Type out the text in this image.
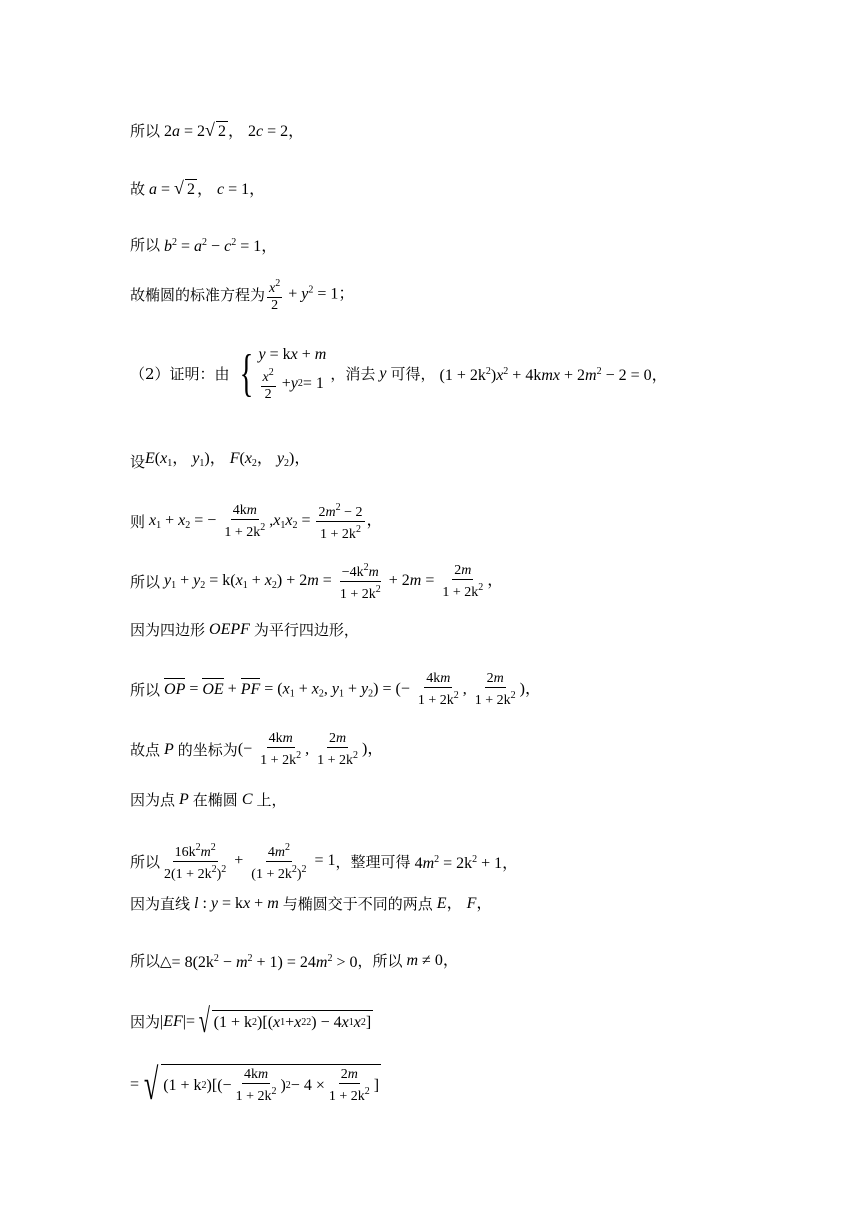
所以 2a = 2√ 2 ， 2c = 2，
故 a = √ 2 ， c = 1，
所以 $b^2 = a^2 - c^2 = 1$，
故椭圆的标准方程为 $\frac{x^2}{2} + y^2 = 1$；
（2）证明：由 { y = kx + m
$\frac{x^2}{2} + y$ 2 = 1
，消去 y 可得， $(1 + 2k^2)x^2 + 4kmx + 2m^2 - 2 = 0$，
设 $E(x_1$， $y_1$)， $F(x_2$， $y_2$)，
则 $x_1 + x_2$ = − $\frac{4km}{1 + 2k^2} ,x_1x_2 = \frac{2m^2 - 2}{1 + 2k^2}$ ，
所以 $y_1 + y_2 = k(x_1 + x_2) + 2m = \frac{-4k^2m}{1 + 2k^2} + 2m = \frac{2m}{1 + 2k^2}$ ，
因为四边形 OEPF 为平行四边形，
所以 OP = OE + PF = ($x_1 + x_2$, $y_1 + y_2$) = (− $\frac{4km}{1 + 2k^2}$ , $\frac{2m}{1 + 2k^2}$ )，
故点 P 的坐标为 (− $\frac{4km}{1 + 2k^2}$ , $\frac{2m}{1 + 2k^2}$ )，
因为点 P 在椭圆 C 上，
所以 $\frac{16k^2m^2}{2(1 + 2k^2)^2} + \frac{4m^2}{(1 + 2k^2)^2} = 1$ ，整理可得 $4m^2 = 2k^2 + 1$，
因为直线 l : y = kx + m 与椭圆交于不同的两点 E， F，
所以△ = $8(2k^2 - m^2 + 1) = 24m^2 > 0$ ，所以 m ≠ 0，
因为 | EF |= √ (1 + k 2 )[( x 1 + x 2 2 ) − 4 x 1 x 2 ]
= √ (1 + k 2 )[(− $\frac{4km}{1 + 2k^2}$ ) $2 - 4 \times \frac{2m}{1 + 2k^2}$ ]
